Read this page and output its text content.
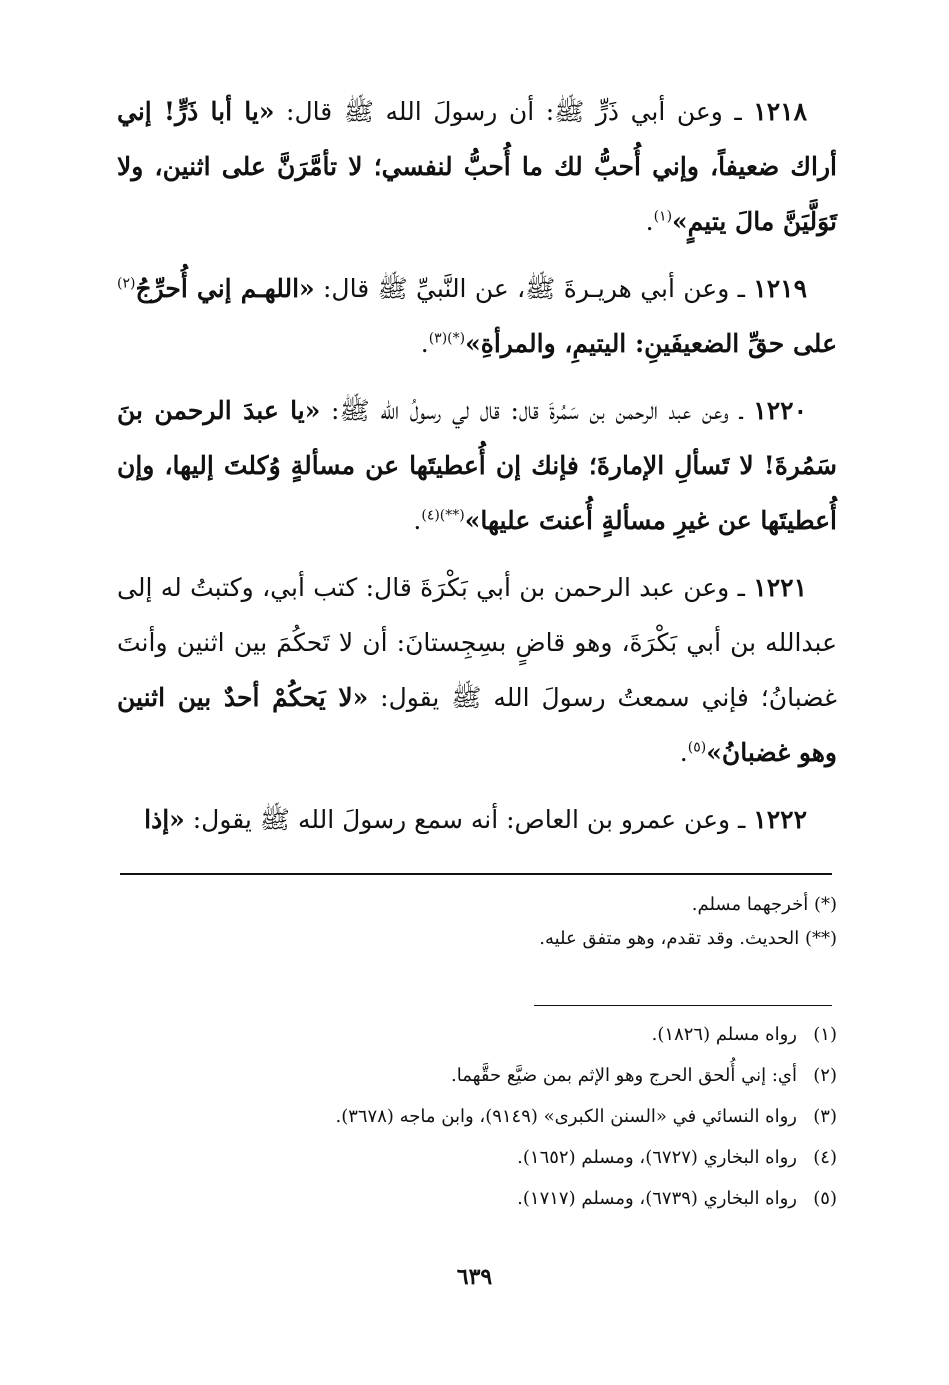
١٢١٨ ـ وعن أبي ذَرٍّ ﷺ: أن رسولَ الله ﷺ قال: «يا أبا ذَرٍّ! إني أراك ضعيفاً، وإني أُحبُّ لك ما أُحبُّ لنفسي؛ لا تأمَّرَنَّ على اثنين، ولا تَوَلَّيَنَّ مالَ يتيمٍ»$^{(١)}$.

١٢١٩ ـ وعن أبي هريـرةَ ﷺ، عن النَّبيِّ ﷺ قال: «اللهـم إني أُحرِّجُ$^{(٢)}$ على حقِّ الضعيفَينِ: اليتيمِ، والمرأةِ»$^{(*)(٣)}$.

١٢٢٠ ـ وعن عبد الرحمن بن سَمُرةَ قال: قال لي رسولُ الله ﷺ: «يا عبدَ الرحمن بنَ سَمُرةَ! لا تَسألِ الإمارةَ؛ فإنك إن أُعطيتَها عن مسألةٍ وُكلتَ إليها، وإن أُعطيتَها عن غيرِ مسألةٍ أُعنتَ عليها»$^{(**)(٤)}$.

١٢٢١ ـ وعن عبد الرحمن بن أبي بَكْرَةَ قال: كتب أبي، وكتبتُ له إلى عبدالله بن أبي بَكْرَةَ، وهو قاضٍ بسِجِستانَ: أن لا تَحكُمَ بين اثنين وأنتَ غضبانُ؛ فإني سمعتُ رسولَ الله ﷺ يقول: «لا يَحكُمْ أحدٌ بين اثنين وهو غضبانُ»$^{(٥)}$.

١٢٢٢ ـ وعن عمرو بن العاص: أنه سمع رسولَ الله ﷺ يقول: «إذا

(*) أخرجهما مسلم.
(**) الحديث. وقد تقدم، وهو متفق عليه.
(١)رواه مسلم (١٨٢٦).
(٢)أي: إني أُلحق الحرج وهو الإثم بمن ضيَّع حقَّهما.
(٣)رواه النسائي في «السنن الكبرى» (٩١٤٩)، وابن ماجه (٣٦٧٨).
(٤)رواه البخاري (٦٧٢٧)، ومسلم (١٦٥٢).
(٥)رواه البخاري (٦٧٣٩)، ومسلم (١٧١٧).
٦٣٩
